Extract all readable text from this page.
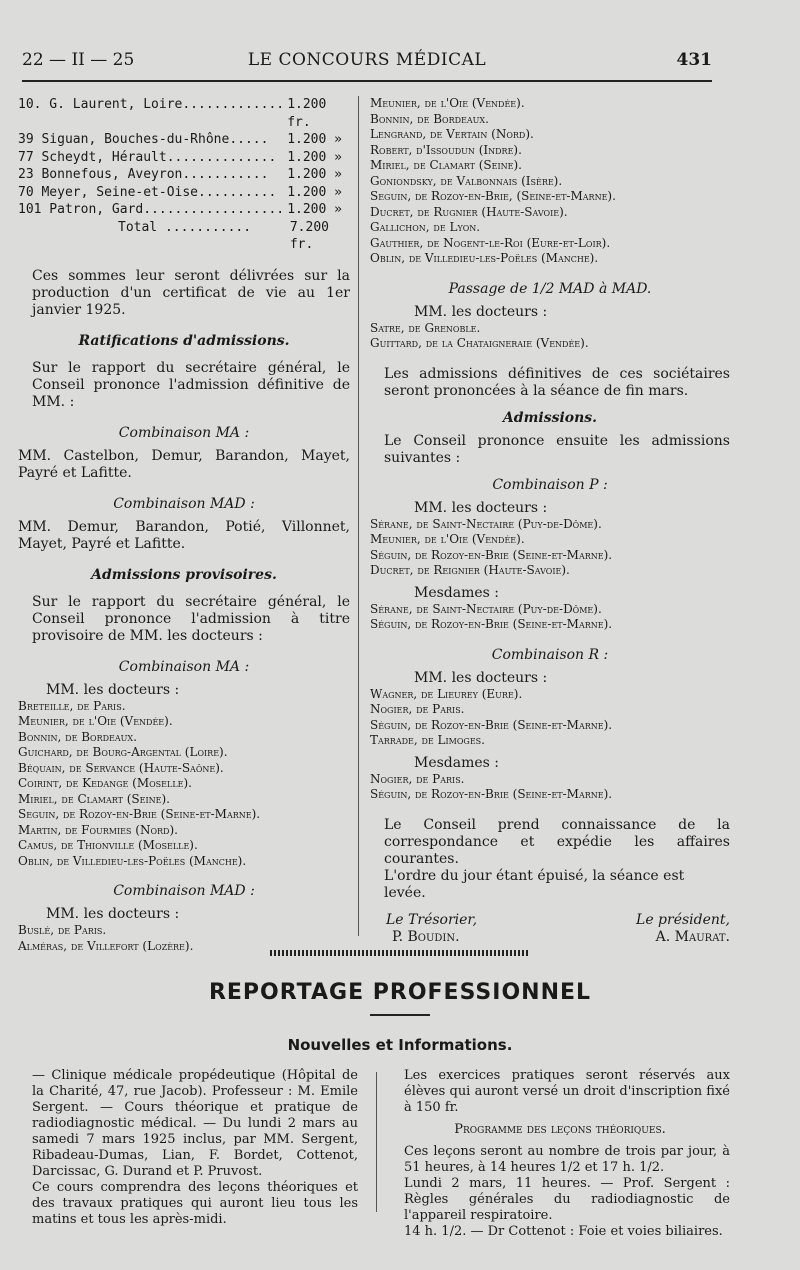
22 — II — 25	LE CONCOURS MÉDICAL	431
10. G. Laurent, Loire............. 1.200 fr.
39 Siguan, Bouches-du-Rhône.....	1.200 »
77 Scheydt, Hérault.............. 1.200 »
23 Bonnefous, Aveyron...........	1.200 »
70 Meyer, Seine-et-Oise.......... 1.200 »
101 Patron, Gard.................. 1.200 »
Total ...........	7.200 fr.

Ces sommes leur seront délivrées sur la production d'un certificat de vie au 1er janvier 1925.

Ratifications d'admissions.

Sur le rapport du secrétaire général, le Conseil prononce l'admission définitive de MM. :

Combinaison MA :

MM. Castelbon, Demur, Barandon, Mayet, Payré et Lafitte.

Combinaison MAD :

MM. Demur, Barandon, Potié, Villonnet, Mayet, Payré et Lafitte.

Admissions provisoires.

Sur le rapport du secrétaire général, le Conseil prononce l'admission à titre provisoire de MM. les docteurs :

Combinaison MA :

MM. les docteurs :

Breteille, de Paris.
Meunier, de l'Oie (Vendée).
Bonnin, de Bordeaux.
Guichard, de Bourg-Argental (Loire).
Béquain, de Servance (Haute-Saône).
Coirint, de Kedange (Moselle).
Miriel, de Clamart (Seine).
Seguin, de Rozoy-en-Brie (Seine-et-Marne).
Martin, de Fourmies (Nord).
Camus, de Thionville (Moselle).
Oblin, de Villedieu-les-Poëles (Manche).

Combinaison MAD :

MM. les docteurs :

Buslé, de Paris.
Alméras, de Villefort (Lozère).
Meunier, de l'Oie (Vendée).
Bonnin, de Bordeaux.
Lengrand, de Vertain (Nord).
Robert, d'Issoudun (Indre).
Miriel, de Clamart (Seine).
Goniondsky, de Valbonnais (Isère).
Seguin, de Rozoy-en-Brie, (Seine-et-Marne).
Ducret, de Rugnier (Haute-Savoie).
Gallichon, de Lyon.
Gauthier, de Nogent-le-Roi (Eure-et-Loir).
Oblin, de Villedieu-les-Poëles (Manche).

Passage de 1/2 MAD à MAD.

MM. les docteurs :

Satre, de Grenoble.
Guittard, de la Chataigneraie (Vendée).

Les admissions définitives de ces sociétaires seront prononcées à la séance de fin mars.

Admissions.

Le Conseil prononce ensuite les admissions suivantes :

Combinaison P :

MM. les docteurs :

Sérane, de Saint-Nectaire (Puy-de-Dôme).
Meunier, de l'Oie (Vendée).
Séguin, de Rozoy-en-Brie (Seine-et-Marne).
Ducret, de Reignier (Haute-Savoie).

Mesdames :

Sérane, de Saint-Nectaire (Puy-de-Dôme).
Séguin, de Rozoy-en-Brie (Seine-et-Marne).

Combinaison R :

MM. les docteurs :

Wagner, de Lieurey (Eure).
Nogier, de Paris.
Séguin, de Rozoy-en-Brie (Seine-et-Marne).
Tarrade, de Limoges.

Mesdames :

Nogier, de Paris.
Séguin, de Rozoy-en-Brie (Seine-et-Marne).

Le Conseil prend connaissance de la correspondance et expédie les affaires courantes.

L'ordre du jour étant épuisé, la séance est levée.

Le Trésorier,	Le président,
P. Boudin.	A. Maurat.
REPORTAGE PROFESSIONNEL
Nouvelles et Informations.

— Clinique médicale propédeutique (Hôpital de la Charité, 47, rue Jacob). Professeur : M. Emile Sergent. — Cours théorique et pratique de radiodiagnostic médical. — Du lundi 2 mars au samedi 7 mars 1925 inclus, par MM. Sergent, Ribadeau-Dumas, Lian, F. Bordet, Cottenot, Darcissac, G. Durand et P. Pruvost.

Ce cours comprendra des leçons théoriques et des travaux pratiques qui auront lieu tous les matins et tous les après-midi.

Les exercices pratiques seront réservés aux élèves qui auront versé un droit d'inscription fixé à 150 fr.

Programme des leçons théoriques.

Ces leçons seront au nombre de trois par jour, à 51 heures, à 14 heures 1/2 et 17 h. 1/2.

Lundi 2 mars, 11 heures. — Prof. Sergent : Règles générales du radiodiagnostic de l'appareil respiratoire.

14 h. 1/2. — Dr Cottenot : Foie et voies biliaires.
